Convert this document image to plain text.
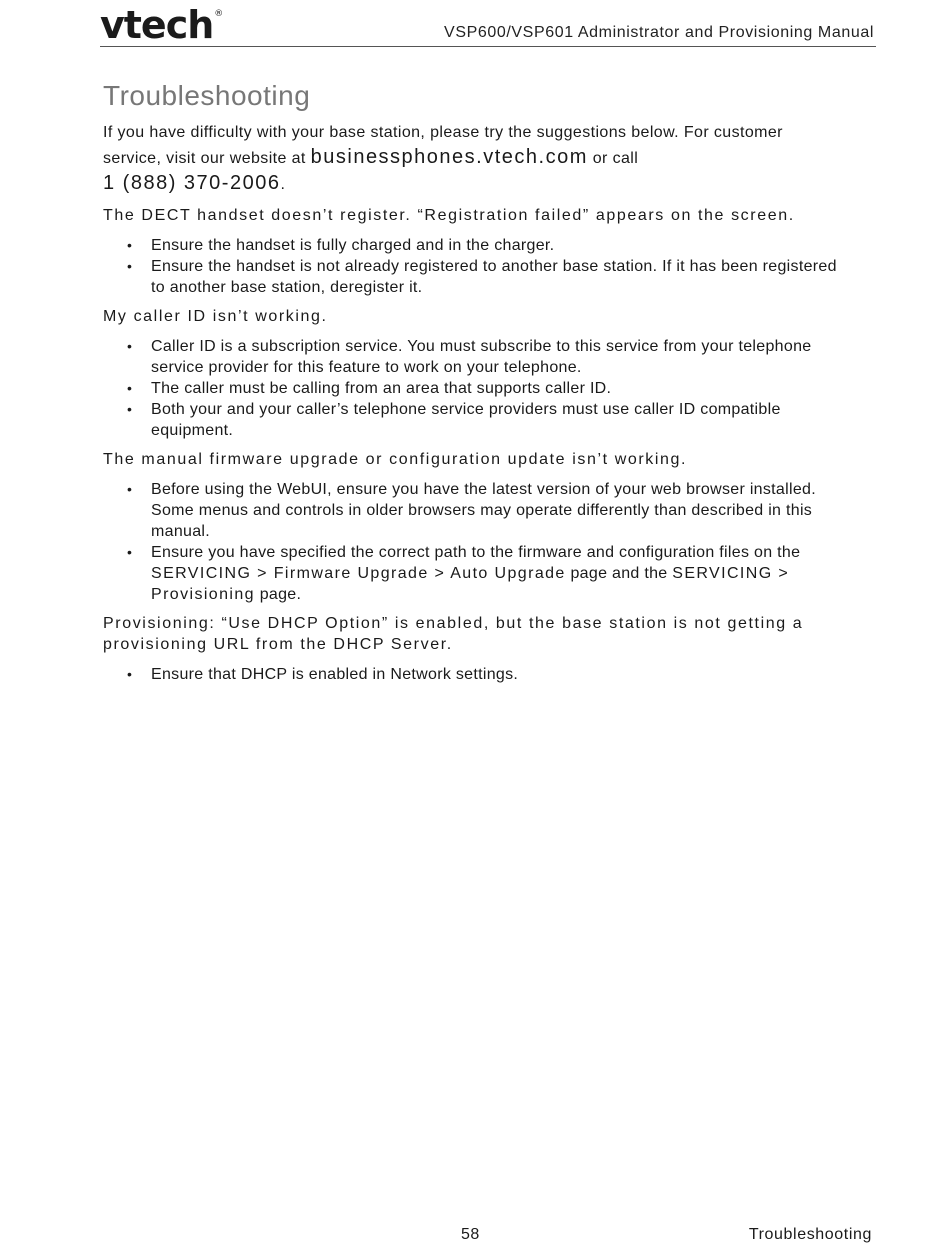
vtech®
VSP600/VSP601 Administrator and Provisioning Manual
Troubleshooting

If you have difficulty with your base station, please try the suggestions below. For customer service, visit our website at businessphones.vtech.com or call
1 (888) 370-2006.

The DECT handset doesn’t register. “Registration failed” appears on the screen.

• Ensure the handset is fully charged and in the charger.
• Ensure the handset is not already registered to another base station. If it has been registered to another base station, deregister it.

My caller ID isn’t working.

• Caller ID is a subscription service. You must subscribe to this service from your telephone service provider for this feature to work on your telephone.
• The caller must be calling from an area that supports caller ID.
• Both your and your caller’s telephone service providers must use caller ID compatible equipment.

The manual firmware upgrade or configuration update isn’t working.

• Before using the WebUI, ensure you have the latest version of your web browser installed. Some menus and controls in older browsers may operate differently than described in this manual.
• Ensure you have specified the correct path to the firmware and configuration files on the SERVICING > Firmware Upgrade > Auto Upgrade page and the SERVICING > Provisioning page.

Provisioning: “Use DHCP Option” is enabled, but the base station is not getting a provisioning URL from the DHCP Server.

• Ensure that DHCP is enabled in Network settings.
58	Troubleshooting
